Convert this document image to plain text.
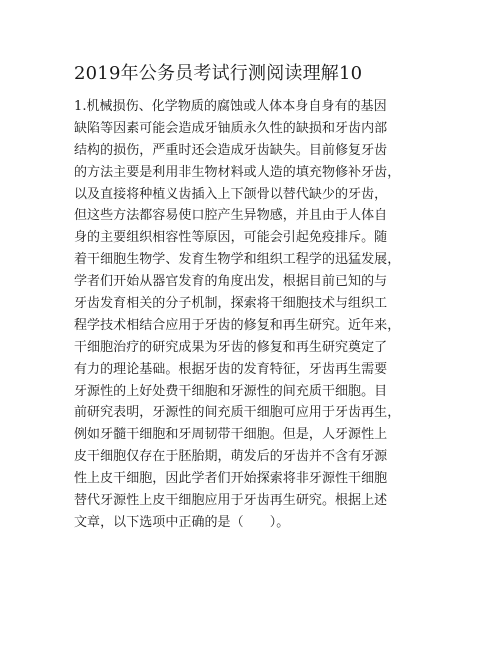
2019年公务员考试行测阅读理解10
1.机械损伤、化学物质的腐蚀或人体本身自身有的基因
缺陷等因素可能会造成牙铀质永久性的缺损和牙齿内部
结构的损伤，严重时还会造成牙齿缺失。目前修复牙齿
的方法主要是利用非生物材料或人造的填充物修补牙齿，
以及直接将种植义齿插入上下颌骨以替代缺少的牙齿，
但这些方法都容易使口腔产生异物感，并且由于人体自
身的主要组织相容性等原因，可能会引起免疫排斥。随
着干细胞生物学、发育生物学和组织工程学的迅猛发展，
学者们开始从器官发育的角度出发，根据目前已知的与
牙齿发育相关的分子机制，探索将干细胞技术与组织工
程学技术相结合应用于牙齿的修复和再生研究。近年来，
干细胞治疗的研究成果为牙齿的修复和再生研究奠定了
有力的理论基础。根据牙齿的发育特征，牙齿再生需要
牙源性的上好处费干细胞和牙源性的间充质干细胞。目
前研究表明，牙源性的间充质干细胞可应用于牙齿再生，
例如牙髓干细胞和牙周韧带干细胞。但是，人牙源性上
皮干细胞仅存在于胚胎期，萌发后的牙齿并不含有牙源
性上皮干细胞，因此学者们开始探索将非牙源性干细胞
替代牙源性上皮干细胞应用于牙齿再生研究。根据上述
文章，以下选项中正确的是（　　）。
